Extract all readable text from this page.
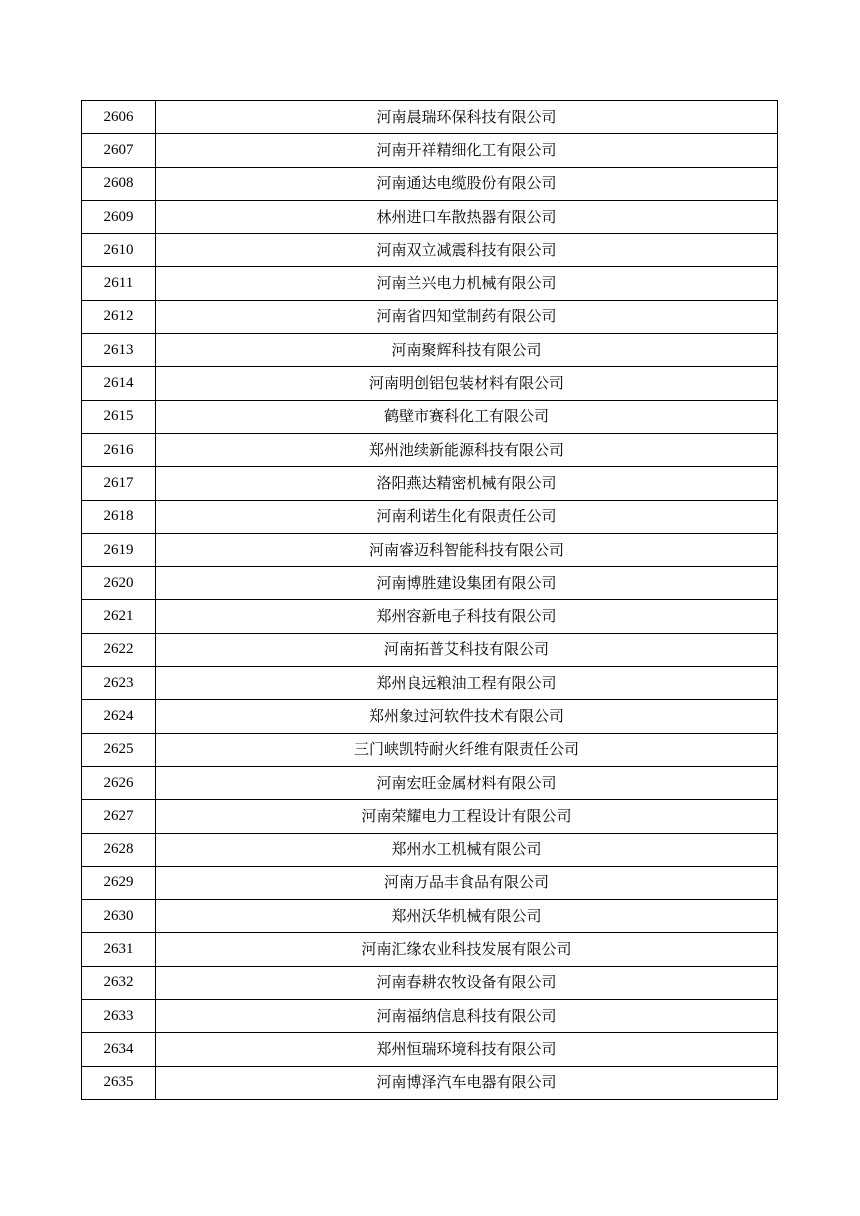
2606	河南晨瑞环保科技有限公司
2607	河南开祥精细化工有限公司
2608	河南通达电缆股份有限公司
2609	林州进口车散热器有限公司
2610	河南双立减震科技有限公司
2611	河南兰兴电力机械有限公司
2612	河南省四知堂制药有限公司
2613	河南聚辉科技有限公司
2614	河南明创铝包装材料有限公司
2615	鹤壁市赛科化工有限公司
2616	郑州池续新能源科技有限公司
2617	洛阳燕达精密机械有限公司
2618	河南利诺生化有限责任公司
2619	河南睿迈科智能科技有限公司
2620	河南博胜建设集团有限公司
2621	郑州容新电子科技有限公司
2622	河南拓普艾科技有限公司
2623	郑州良远粮油工程有限公司
2624	郑州象过河软件技术有限公司
2625	三门峡凯特耐火纤维有限责任公司
2626	河南宏旺金属材料有限公司
2627	河南荣耀电力工程设计有限公司
2628	郑州水工机械有限公司
2629	河南万品丰食品有限公司
2630	郑州沃华机械有限公司
2631	河南汇缘农业科技发展有限公司
2632	河南春耕农牧设备有限公司
2633	河南福纳信息科技有限公司
2634	郑州恒瑞环境科技有限公司
2635	河南博泽汽车电器有限公司
